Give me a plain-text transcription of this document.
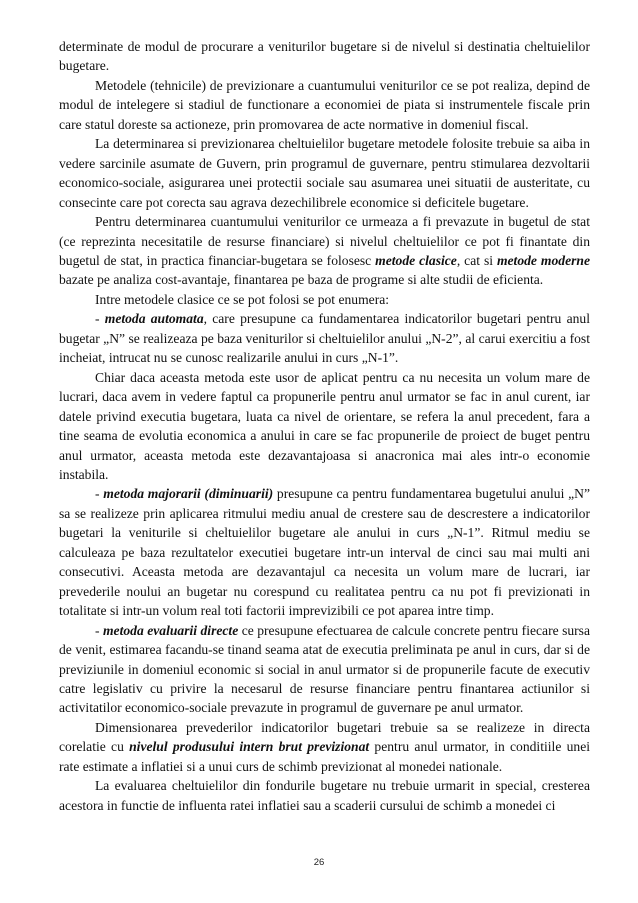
determinate de modul de procurare a veniturilor bugetare si de nivelul si destinatia cheltuielilor bugetare.

Metodele (tehnicile) de previzionare a cuantumului veniturilor ce se pot realiza, depind de modul de intelegere si stadiul de functionare a economiei de piata si instrumentele fiscale prin care statul doreste sa actioneze, prin promovarea de acte normative in domeniul fiscal.

La determinarea si previzionarea cheltuielilor bugetare metodele folosite trebuie sa aiba in vedere sarcinile asumate de Guvern, prin programul de guvernare, pentru stimularea dezvoltarii economico-sociale, asigurarea unei protectii sociale sau asumarea unei situatii de austeritate, cu consecinte care pot corecta sau agrava dezechilibrele economice si deficitele bugetare.

Pentru determinarea cuantumului veniturilor ce urmeaza a fi prevazute in bugetul de stat (ce reprezinta necesitatile de resurse financiare) si nivelul cheltuielilor ce pot fi finantate din bugetul de stat, in practica financiar-bugetara se folosesc metode clasice, cat si metode moderne bazate pe analiza cost-avantaje, finantarea pe baza de programe si alte studii de eficienta.

Intre metodele clasice ce se pot folosi se pot enumera:

- metoda automata, care presupune ca fundamentarea indicatorilor bugetari pentru anul bugetar „N” se realizeaza pe baza veniturilor si cheltuielilor anului „N-2”, al carui exercitiu a fost incheiat, intrucat nu se cunosc realizarile anului in curs „N-1”.

Chiar daca aceasta metoda este usor de aplicat pentru ca nu necesita un volum mare de lucrari, daca avem in vedere faptul ca propunerile pentru anul urmator se fac in anul curent, iar datele privind executia bugetara, luata ca nivel de orientare, se refera la anul precedent, fara a tine seama de evolutia economica a anului in care se fac propunerile de proiect de buget pentru anul urmator, aceasta metoda este dezavantajoasa si anacronica mai ales intr-o economie instabila.

- metoda majorarii (diminuarii) presupune ca pentru fundamentarea bugetului anului „N” sa se realizeze prin aplicarea ritmului mediu anual de crestere sau de descrestere a indicatorilor bugetari la veniturile si cheltuielilor bugetare ale anului in curs „N-1”. Ritmul mediu se calculeaza pe baza rezultatelor executiei bugetare intr-un interval de cinci sau mai multi ani consecutivi. Aceasta metoda are dezavantajul ca necesita un volum mare de lucrari, iar prevederile noului an bugetar nu corespund cu realitatea pentru ca nu pot fi previzionati in totalitate si intr-un volum real toti factorii imprevizibili ce pot aparea intre timp.

- metoda evaluarii directe ce presupune efectuarea de calcule concrete pentru fiecare sursa de venit, estimarea facandu-se tinand seama atat de executia preliminata pe anul in curs, dar si de previziunile in domeniul economic si social in anul urmator si de propunerile facute de executiv catre legislativ cu privire la necesarul de resurse financiare pentru finantarea actiunilor si activitatilor economico-sociale prevazute in programul de guvernare pe anul urmator.

Dimensionarea prevederilor indicatorilor bugetari trebuie sa se realizeze in directa corelatie cu nivelul produsului intern brut previzionat pentru anul urmator, in conditiile unei rate estimate a inflatiei si a unui curs de schimb previzionat al monedei nationale.

La evaluarea cheltuielilor din fondurile bugetare nu trebuie urmarit in special, cresterea acestora in functie de influenta ratei inflatiei sau a scaderii cursului de schimb a monedei ci

26
